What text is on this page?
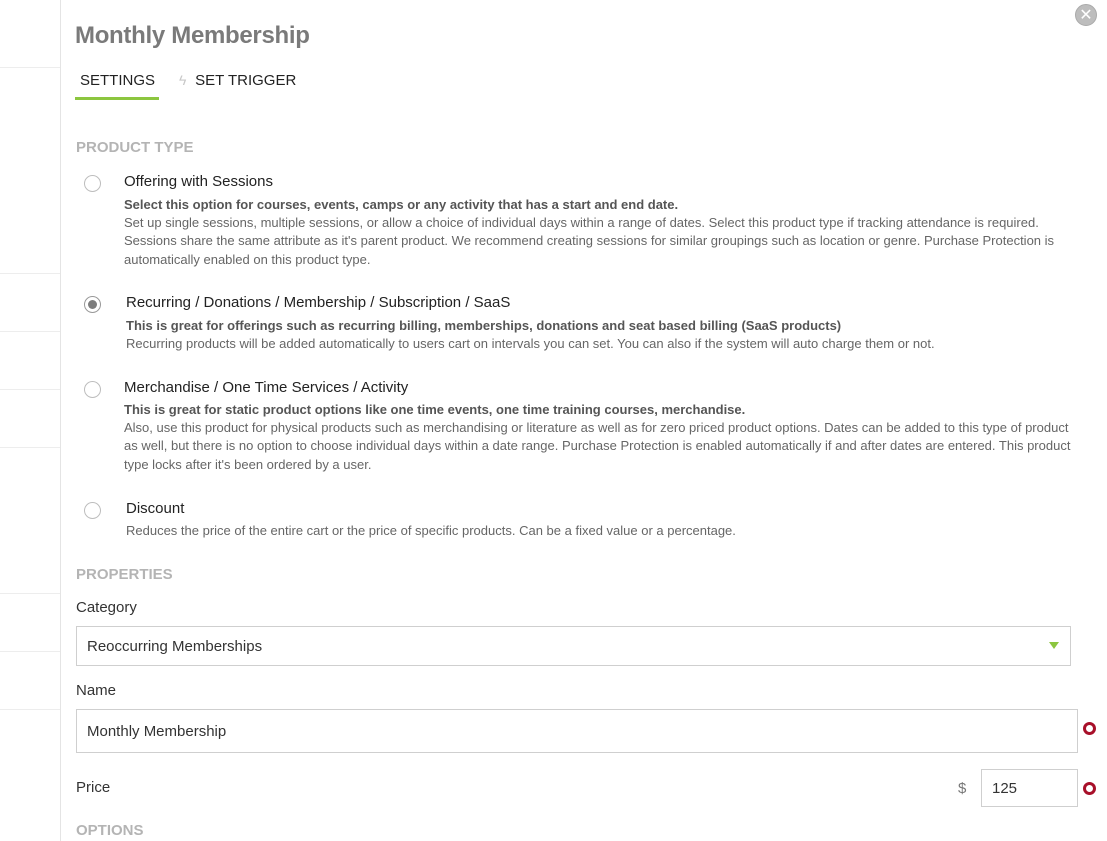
✕
Monthly Membership
SETTINGS ϟ SET TRIGGER
PRODUCT TYPE
Offering with Sessions
Select this option for courses, events, camps or any activity that has a start and end date.
Set up single sessions, multiple sessions, or allow a choice of individual days within a range of dates. Select this product type if tracking attendance is required. Sessions share the same attribute as it's parent product. We recommend creating sessions for similar groupings such as location or genre. Purchase Protection is automatically enabled on this product type.
Recurring / Donations / Membership / Subscription / SaaS
This is great for offerings such as recurring billing, memberships, donations and seat based billing (SaaS products)
Recurring products will be added automatically to users cart on intervals you can set. You can also if the system will auto charge them or not.
Merchandise / One Time Services / Activity
This is great for static product options like one time events, one time training courses, merchandise.
Also, use this product for physical products such as merchandising or literature as well as for zero priced product options. Dates can be added to this type of product as well, but there is no option to choose individual days within a date range. Purchase Protection is enabled automatically if and after dates are entered. This product type locks after it's been ordered by a user.
Discount
Reduces the price of the entire cart or the price of specific products. Can be a fixed value or a percentage.
PROPERTIES
Category
Reoccurring Memberships
Name
Monthly Membership
Price	$
125
OPTIONS
